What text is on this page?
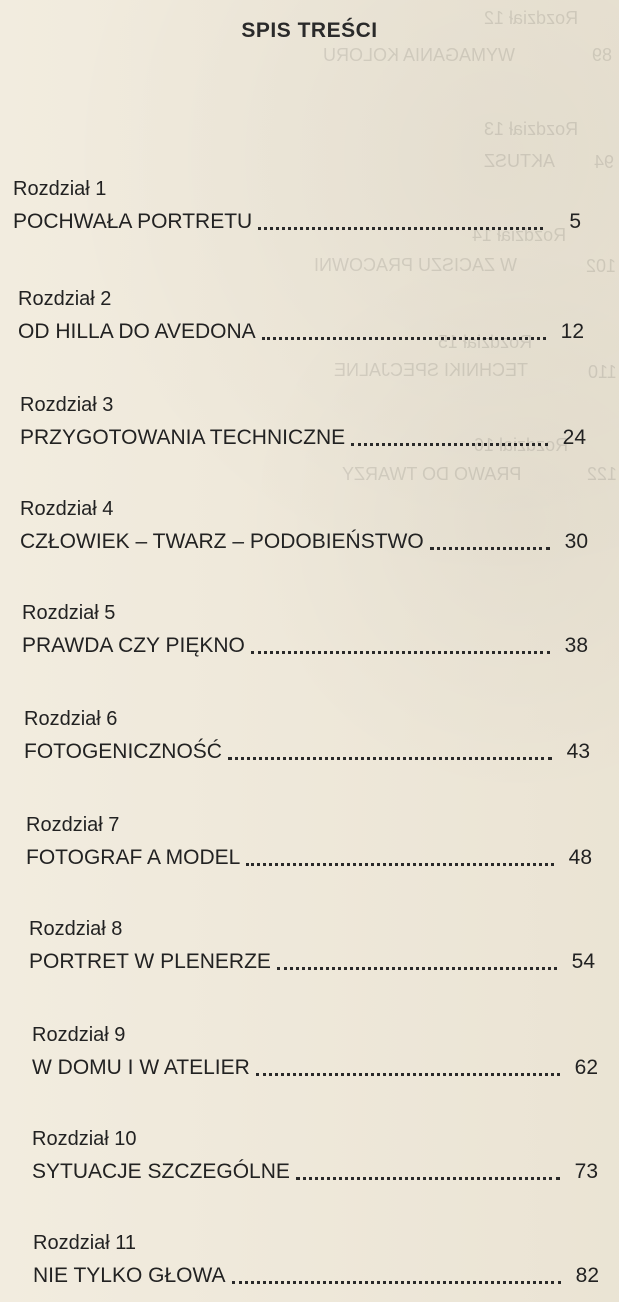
SPIS TREŚCI
Rozdział 1
POCHWAŁA PORTRETU	5
Rozdział 2
OD HILLA DO AVEDONA	12
Rozdział 3
PRZYGOTOWANIA TECHNICZNE	24
Rozdział 4
CZŁOWIEK – TWARZ – PODOBIEŃSTWO	30
Rozdział 5
PRAWDA CZY PIĘKNO	38
Rozdział 6
FOTOGENICZNOŚĆ	43
Rozdział 7
FOTOGRAF A MODEL	48
Rozdział 8
PORTRET W PLENERZE	54
Rozdział 9
W DOMU I W ATELIER	62
Rozdział 10
SYTUACJE SZCZEGÓLNE	73
Rozdział 11
NIE TYLKO GŁOWA	82
Rozdział 12
WYMAGANIA KOLORU	89
Rozdział 13
AKTUSZ 94
Rozdział 14
W ZACISZU PRACOWNI	102
Rozdział 15
TECHNIKI SPECJALNE	110
Rozdział 16
PRAWO DO TWARZY	122
